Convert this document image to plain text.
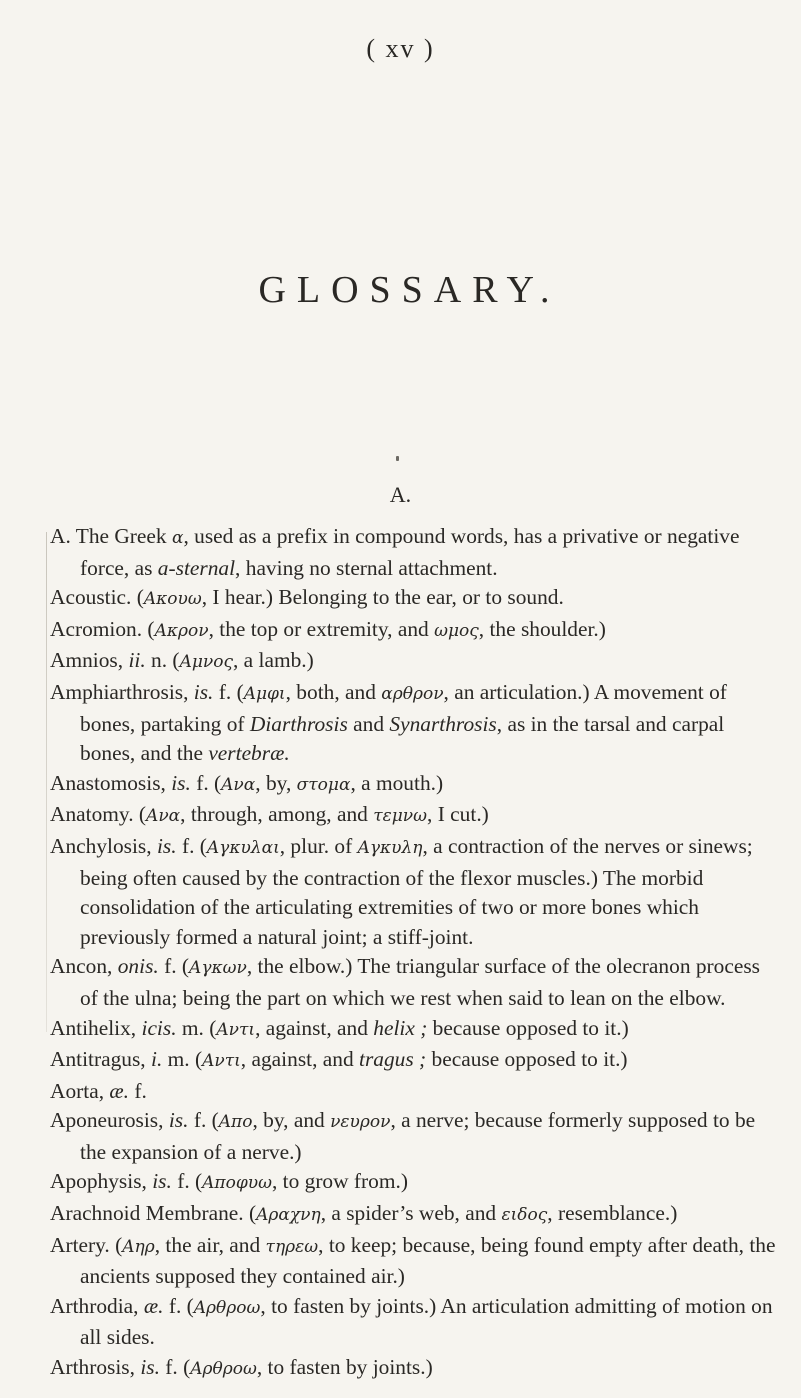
( xv )
GLOSSARY.
A.

A. The Greek α, used as a prefix in compound words, has a privative or negative force, as a-sternal, having no sternal attachment.

Acoustic. (Ακουω, I hear.) Belonging to the ear, or to sound.

Acromion. (Ακρον, the top or extremity, and ωμος, the shoulder.)

Amnios, ii. n. (Αμνος, a lamb.)

Amphiarthrosis, is. f. (Αμφι, both, and αρθρον, an articulation.) A movement of bones, partaking of Diarthrosis and Synarthrosis, as in the tarsal and carpal bones, and the vertebræ.

Anastomosis, is. f. (Ανα, by, στομα, a mouth.)

Anatomy. (Ανα, through, among, and τεμνω, I cut.)

Anchylosis, is. f. (Αγκυλαι, plur. of Αγκυλη, a contraction of the nerves or sinews; being often caused by the contraction of the flexor muscles.) The morbid consolidation of the articulating extremities of two or more bones which previously formed a natural joint; a stiff-joint.

Ancon, onis. f. (Αγκων, the elbow.) The triangular surface of the olecranon process of the ulna; being the part on which we rest when said to lean on the elbow.

Antihelix, icis. m. (Αντι, against, and helix ; because opposed to it.)

Antitragus, i. m. (Αντι, against, and tragus ; because opposed to it.)

Aorta, æ. f.

Aponeurosis, is. f. (Απο, by, and νευρον, a nerve; because formerly supposed to be the expansion of a nerve.)

Apophysis, is. f. (Αποφυω, to grow from.)

Arachnoid Membrane. (Αραχνη, a spider’s web, and ειδος, resemblance.)

Artery. (Αηρ, the air, and τηρεω, to keep; because, being found empty after death, the ancients supposed they contained air.)

Arthrodia, æ. f. (Αρθροω, to fasten by joints.) An articulation admitting of motion on all sides.

Arthrosis, is. f. (Αρθροω, to fasten by joints.)
